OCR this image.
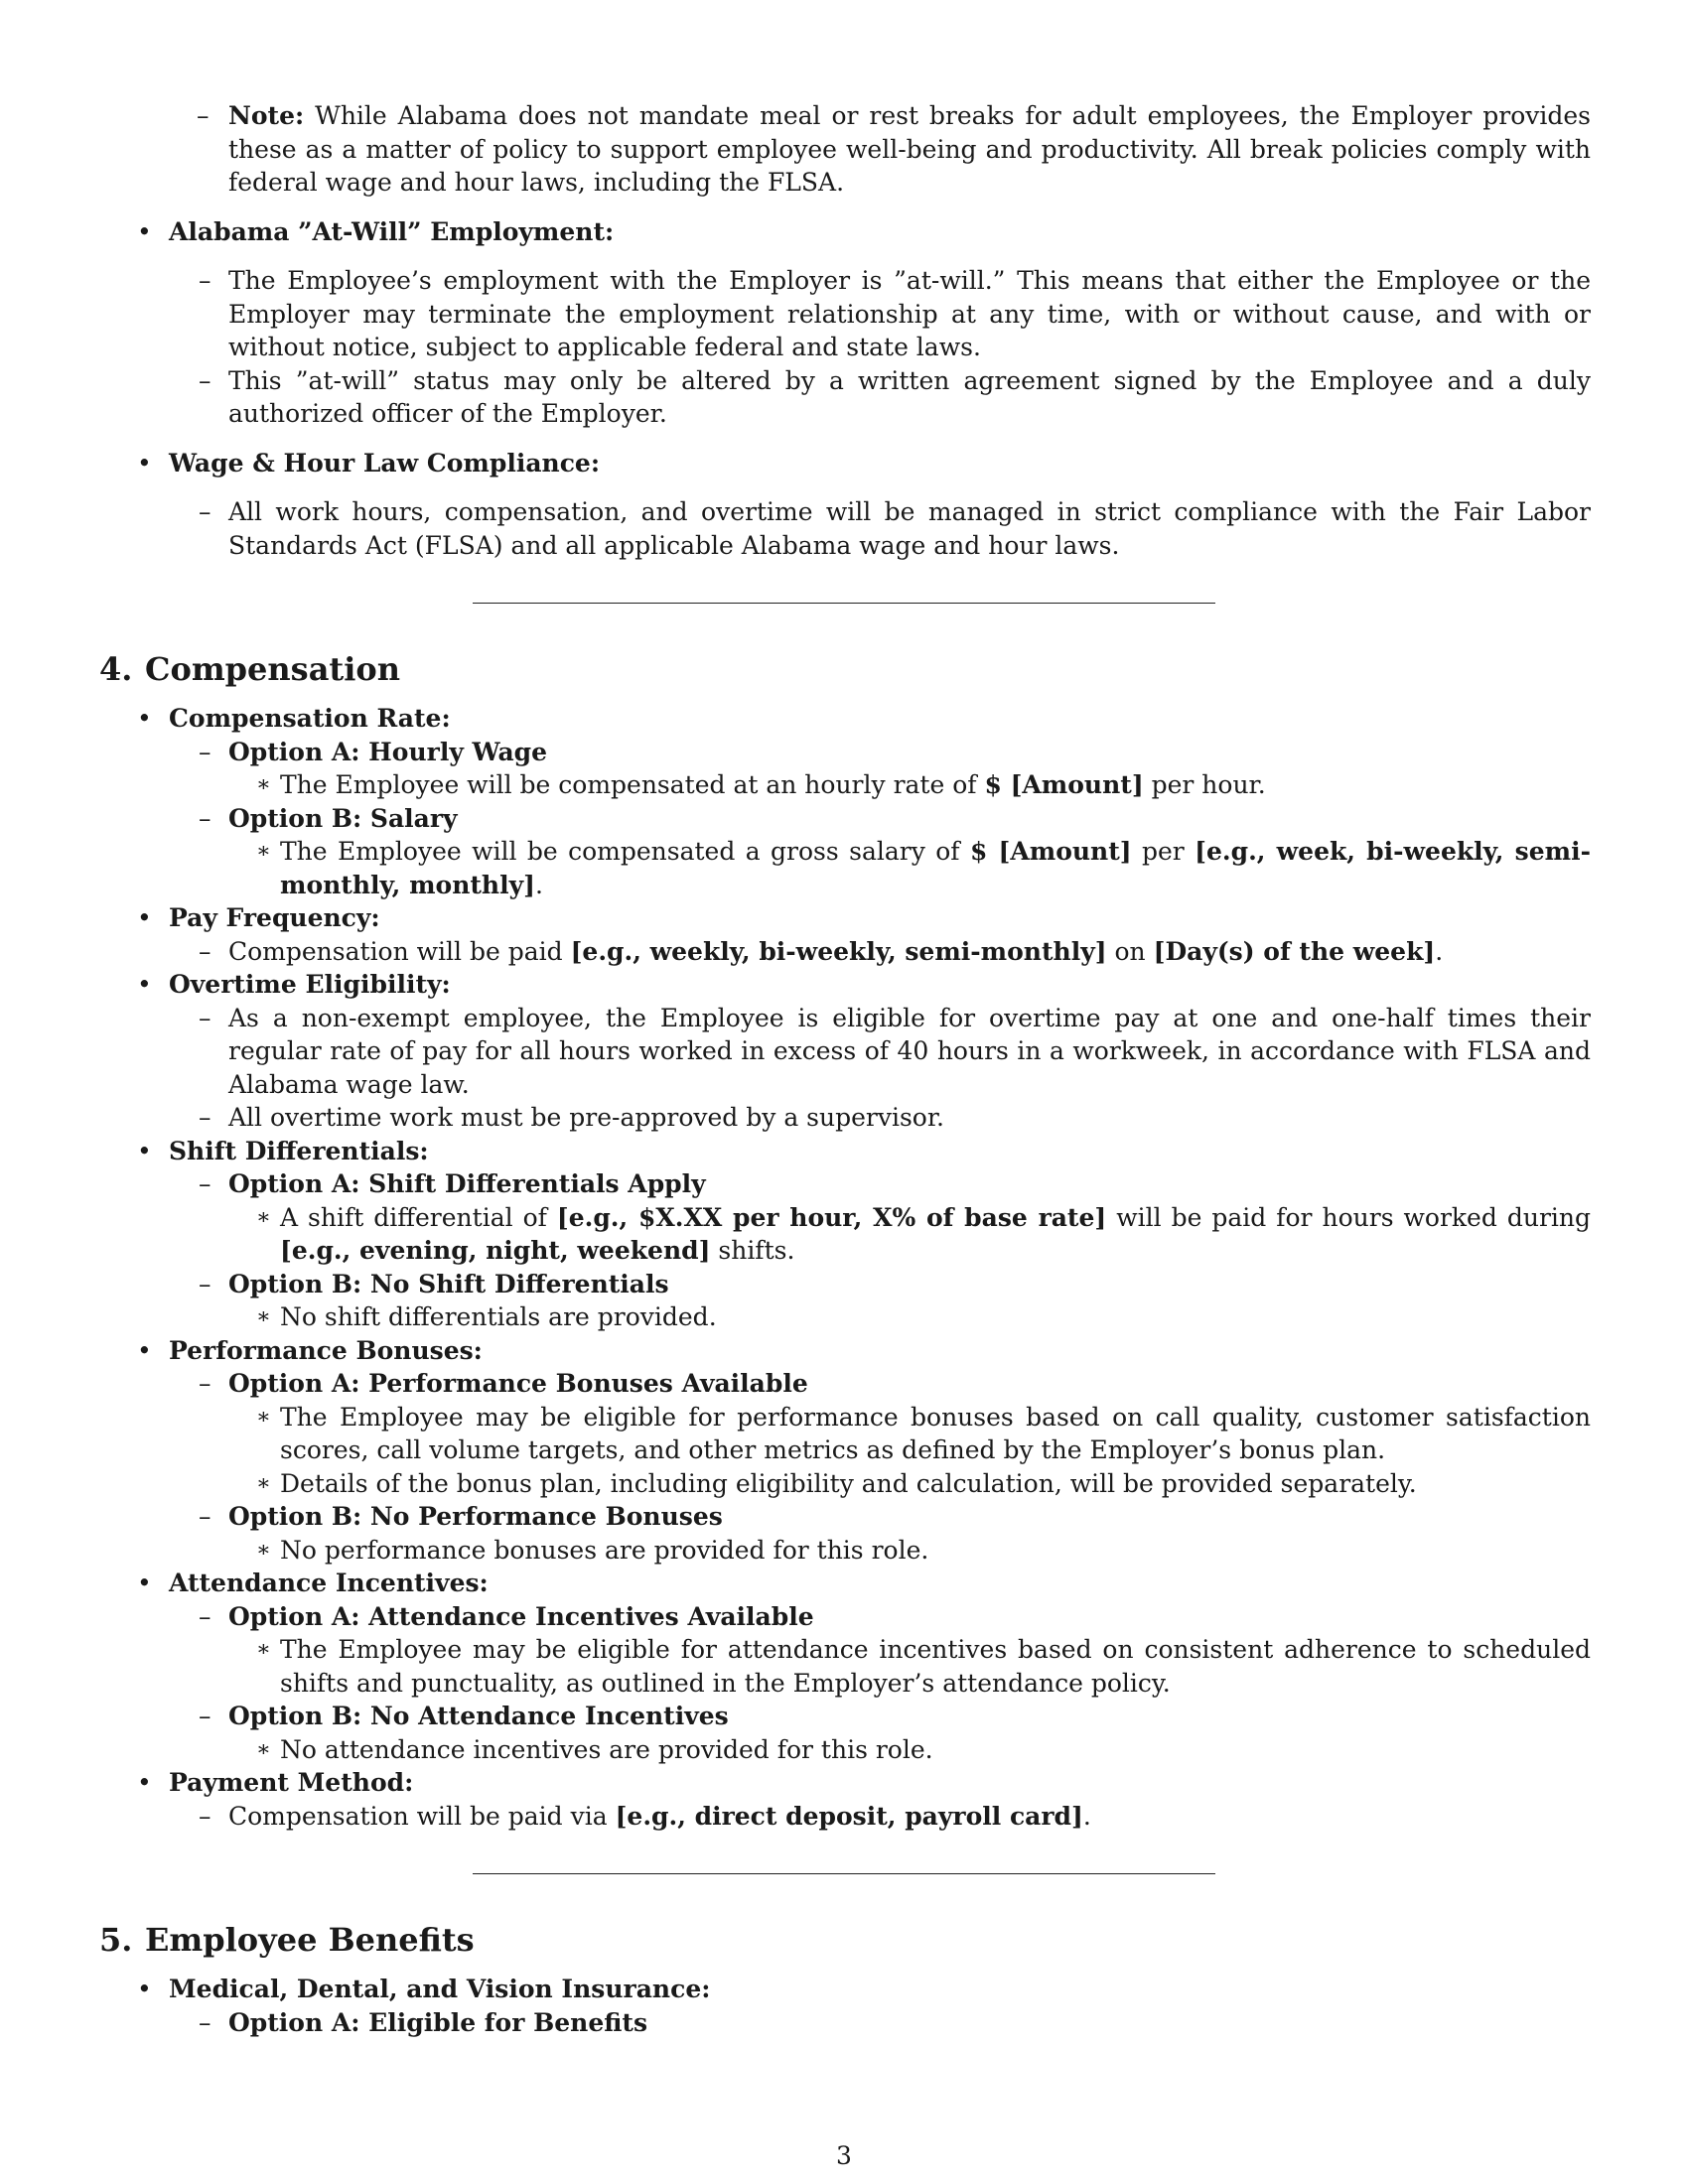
– Note: While Alabama does not mandate meal or rest breaks for adult employees, the Employer provides these as a matter of policy to support employee well-being and productivity. All break policies comply with federal wage and hour laws, including the FLSA.
• Alabama ”At-Will” Employment:
– The Employee’s employment with the Employer is ”at-will.” This means that either the Employee or the Employer may terminate the employment relationship at any time, with or without cause, and with or without notice, subject to applicable federal and state laws.
– This ”at-will” status may only be altered by a written agreement signed by the Employee and a duly authorized officer of the Employer.
• Wage & Hour Law Compliance:
– All work hours, compensation, and overtime will be managed in strict compliance with the Fair Labor Standards Act (FLSA) and all applicable Alabama wage and hour laws.
4. Compensation
• Compensation Rate:
– Option A: Hourly Wage
∗ The Employee will be compensated at an hourly rate of $ [Amount] per hour.
– Option B: Salary
∗ The Employee will be compensated a gross salary of $ [Amount] per [e.g., week, bi-weekly, semi-monthly, monthly].
• Pay Frequency:
– Compensation will be paid [e.g., weekly, bi-weekly, semi-monthly] on [Day(s) of the week].
• Overtime Eligibility:
– As a non-exempt employee, the Employee is eligible for overtime pay at one and one-half times their regular rate of pay for all hours worked in excess of 40 hours in a workweek, in accordance with FLSA and Alabama wage law.
– All overtime work must be pre-approved by a supervisor.
• Shift Differentials:
– Option A: Shift Differentials Apply
∗ A shift differential of [e.g., $X.XX per hour, X% of base rate] will be paid for hours worked during [e.g., evening, night, weekend] shifts.
– Option B: No Shift Differentials
∗ No shift differentials are provided.
• Performance Bonuses:
– Option A: Performance Bonuses Available
∗ The Employee may be eligible for performance bonuses based on call quality, customer satisfaction scores, call volume targets, and other metrics as defined by the Employer’s bonus plan.
∗ Details of the bonus plan, including eligibility and calculation, will be provided separately.
– Option B: No Performance Bonuses
∗ No performance bonuses are provided for this role.
• Attendance Incentives:
– Option A: Attendance Incentives Available
∗ The Employee may be eligible for attendance incentives based on consistent adherence to scheduled shifts and punctuality, as outlined in the Employer’s attendance policy.
– Option B: No Attendance Incentives
∗ No attendance incentives are provided for this role.
• Payment Method:
– Compensation will be paid via [e.g., direct deposit, payroll card].
5. Employee Benefits
• Medical, Dental, and Vision Insurance:
– Option A: Eligible for Benefits
3
